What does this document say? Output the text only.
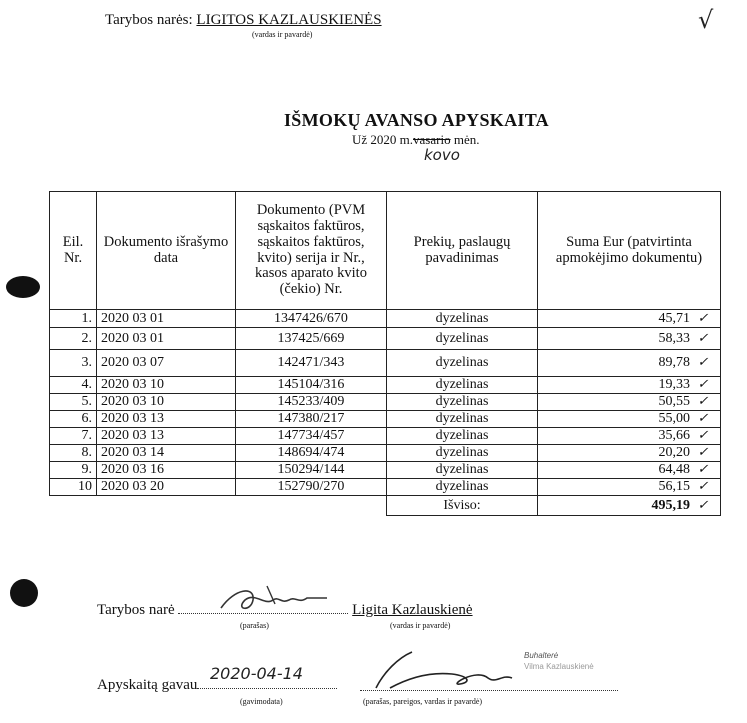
Tarybos narės: LIGITOS KAZLAUSKIENĖS
(vardas ir pavardė)
√
IŠMOKŲ AVANSO APYSKAITA
Už 2020 m.vasario mėn.
kovo
Eil. Nr.	Dokumento išrašymo data	Dokumento (PVM sąskaitos faktūros, sąskaitos faktūros, kvito) serija ir Nr., kasos aparato kvito (čekio) Nr.	Prekių, paslaugų pavadinimas	Suma Eur (patvirtinta apmokėjimo dokumentu)
1.	2020 03 01	1347426/670	dyzelinas	45,71 ✓
2.	2020 03 01	137425/669	dyzelinas	58,33 ✓
3.	2020 03 07	142471/343	dyzelinas	89,78 ✓
4.	2020 03 10	145104/316	dyzelinas	19,33 ✓
5.	2020 03 10	145233/409	dyzelinas	50,55 ✓
6.	2020 03 13	147380/217	dyzelinas	55,00 ✓
7.	2020 03 13	147734/457	dyzelinas	35,66 ✓
8.	2020 03 14	148694/474	dyzelinas	20,20 ✓
9.	2020 03 16	150294/144	dyzelinas	64,48 ✓
10	2020 03 20	152790/270	dyzelinas	56,15 ✓
			Išviso:	495,19 ✓
Tarybos narė	Ligita Kazlauskienė
(parašas)	(vardas ir pavardė)
Apyskaitą gavau
2020-04-14
(gavimodata)	(parašas, pareigos, vardas ir pavardė)
Buhalterė
Vilma Kazlauskienė
